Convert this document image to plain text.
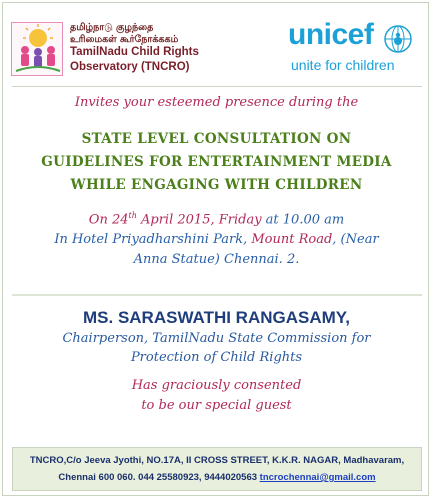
தமிழ்நாடு குழந்தை
உரிமைகள் கூர்நோக்ககம்
TamilNadu Child Rights
Observatory (TNCRO)
unicef
unite for children
Invites your esteemed presence during the
STATE LEVEL CONSULTATION ON
GUIDELINES FOR ENTERTAINMENT MEDIA
WHILE ENGAGING WITH CHILDREN
On 24th April 2015, Friday at 10.00 am
In Hotel Priyadharshini Park, Mount Road, (Near
Anna Statue) Chennai. 2.
MS. SARASWATHI RANGASAMY,
Chairperson, TamilNadu State Commission for
Protection of Child Rights
Has graciously consented
to be our special guest
TNCRO,C/o Jeeva Jyothi, NO.17A, II CROSS STREET, K.K.R. NAGAR, Madhavaram,
Chennai 600 060. 044 25580923, 9444020563 tncrochennai@gmail.com
